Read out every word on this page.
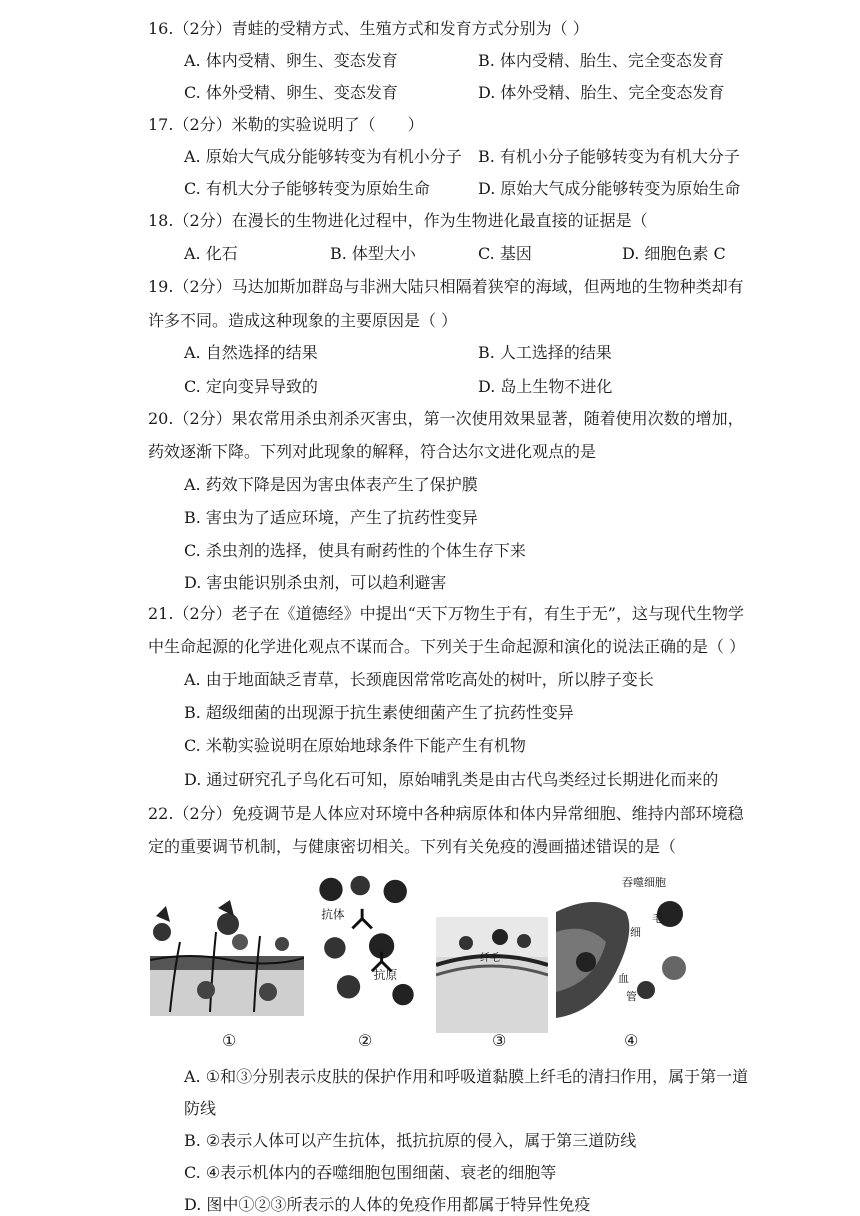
16.（2分）青蛙的受精方式、生殖方式和发育方式分别为（ ）
A. 体内受精、卵生、变态发育	B. 体内受精、胎生、完全变态发育
C. 体外受精、卵生、变态发育	D. 体外受精、胎生、完全变态发育
17.（2分）米勒的实验说明了（　　）
A. 原始大气成分能够转变为有机小分子 B. 有机小分子能够转变为有机大分子
C. 有机大分子能够转变为原始生命	D. 原始大气成分能够转变为原始生命
18.（2分）在漫长的生物进化过程中，作为生物进化最直接的证据是（
A. 化石	B. 体型大小	C. 基因	D. 细胞色素 C
19.（2分）马达加斯加群岛与非洲大陆只相隔着狭窄的海域，但两地的生物种类却有
许多不同。造成这种现象的主要原因是（ ）
A. 自然选择的结果	B. 人工选择的结果
C. 定向变异导致的	D. 岛上生物不进化
20.（2分）果农常用杀虫剂杀灭害虫，第一次使用效果显著，随着使用次数的增加，
药效逐渐下降。下列对此现象的解释，符合达尔文进化观点的是
A. 药效下降是因为害虫体表产生了保护膜
B. 害虫为了适应环境，产生了抗药性变异
C. 杀虫剂的选择，使具有耐药性的个体生存下来
D. 害虫能识别杀虫剂，可以趋利避害
21.（2分）老子在《道德经》中提出“天下万物生于有，有生于无”，这与现代生物学
中生命起源的化学进化观点不谋而合。下列关于生命起源和演化的说法正确的是（ ）
A. 由于地面缺乏青草，长颈鹿因常常吃高处的树叶，所以脖子变长
B. 超级细菌的出现源于抗生素使细菌产生了抗药性变异
C. 米勒实验说明在原始地球条件下能产生有机物
D. 通过研究孔子鸟化石可知，原始哺乳类是由古代鸟类经过长期进化而来的
22.（2分）免疫调节是人体应对环境中各种病原体和体内异常细胞、维持内部环境稳
定的重要调节机制，与健康密切相关。下列有关免疫的漫画描述错误的是（
抗体
抗原
纤毛
吞噬细胞
毛
细
血
管
①	②	③	④
A. ①和③分别表示皮肤的保护作用和呼吸道黏膜上纤毛的清扫作用，属于第一道
防线
B. ②表示人体可以产生抗体，抵抗抗原的侵入，属于第三道防线
C. ④表示机体内的吞噬细胞包围细菌、衰老的细胞等
D. 图中①②③所表示的人体的免疫作用都属于特异性免疫
